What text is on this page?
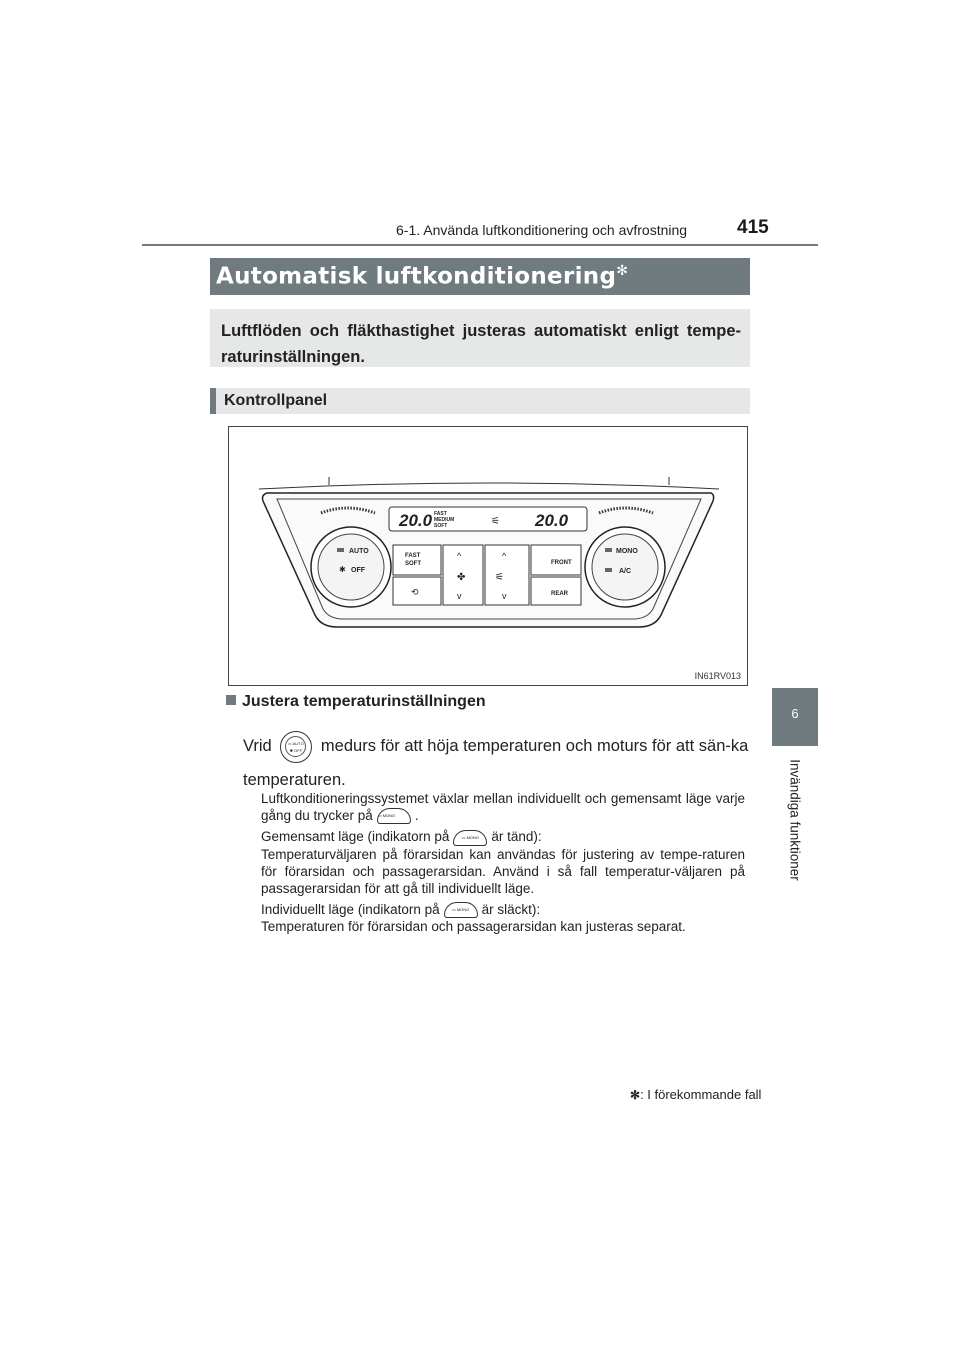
6-1. Använda luftkonditionering och avfrostning	415
6
Invändiga funktioner
Automatisk luftkonditionering✻
Luftflöden och fläkthastighet justeras automatiskt enligt tempe-raturinställningen.
Kontrollpanel
20.0 FAST
MEDIUM
SOFT	20.0
⚟
AUTO
✱ OFF
MONO
A/C
FAST
SOFT
⟲
^
✤
v
^
⚟
v
FRONT
REAR
IN61RV013
Justera temperaturinställningen
Vrid	▭ AUTO
✱ OFF medurs för att höja temperaturen och moturs för att sän-ka temperaturen.

Luftkonditioneringssystemet växlar mellan individuellt och gemensamt läge varje gång du trycker på ▭ MONO .

Gemensamt läge (indikatorn på	▭ MONO är tänd):

Temperaturväljaren på förarsidan kan användas för justering av tempe-raturen för förarsidan och passagerarsidan. Använd i så fall temperatur-väljaren på passagerarsidan för att gå till individuellt läge.

Individuellt läge (indikatorn på	▭ MONO är släckt):
Temperaturen för förarsidan och passagerarsidan kan justeras separat.

✻: I förekommande fall
